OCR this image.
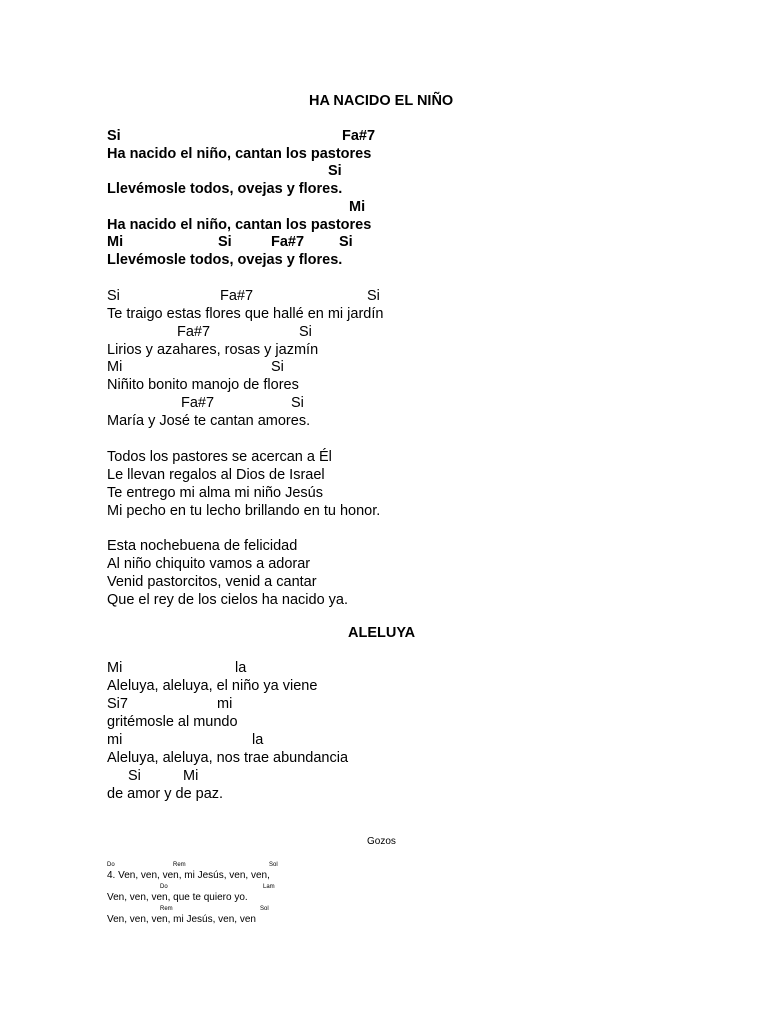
HA NACIDO EL NIÑO
Si	Fa#7
Ha nacido el niño, cantan los pastores
Si
Llevémosle todos, ovejas y flores.
Mi
Ha nacido el niño, cantan los pastores
Mi	Si	Fa#7 Si
Llevémosle todos, ovejas y flores.
Si	Fa#7	Si
Te traigo estas flores que hallé en mi jardín
Fa#7	Si
Lirios y azahares, rosas y jazmín
Mi	Si
Niñito bonito manojo de flores
Fa#7	Si
María y José te cantan amores.
Todos los pastores se acercan a Él
Le llevan regalos al Dios de Israel
Te entrego mi alma mi niño Jesús
Mi pecho en tu lecho brillando en tu honor.
Esta nochebuena de felicidad
Al niño chiquito vamos a adorar
Venid pastorcitos, venid a cantar
Que el rey de los cielos ha nacido ya.
ALELUYA
Mi	la
Aleluya, aleluya, el niño ya viene
Si7	mi
gritémosle al mundo
mi	la
Aleluya, aleluya, nos trae abundancia
Si	Mi
de amor y de paz.
Gozos
Do	Rem	Sol
4. Ven, ven, ven, mi Jesús, ven, ven,
Do	Lam
Ven, ven, ven, que te quiero yo.
Rem	Sol
Ven, ven, ven, mi Jesús, ven, ven
